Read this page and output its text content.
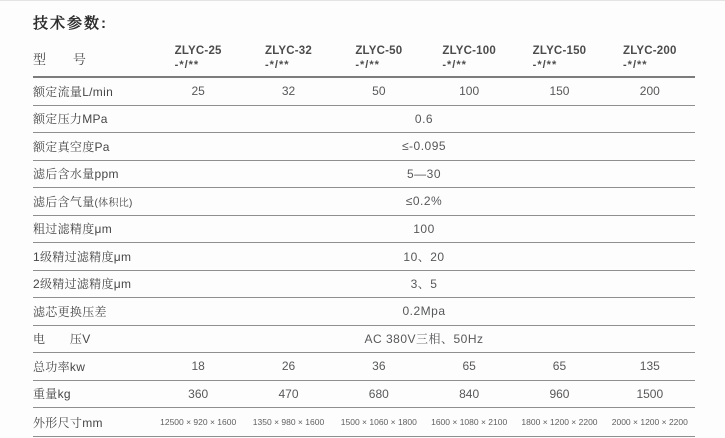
技术参数:
型　　号
ZLYC-25
-*/**
ZLYC-32
-*/**
ZLYC-50
-*/**
ZLYC-100
-*/**
ZLYC-150
-*/**
ZLYC-200
-*/**
额定流量L/min	25	32	50	100	150	200
额定压力MPa	0.6
额定真空度Pa	≤-0.095
滤后含水量ppm	5—30
滤后含气量(体积比)	≤0.2%
粗过滤精度μm	100
1级精过滤精度μm	10、20
2级精过滤精度μm	3、5
滤芯更换压差	0.2Mpa
电　　压V	AC 380V三相、50Hz
总功率kw	18	26	36	65	65	135
重量kg	360	470	680	840	960	1500
外形尺寸mm	12500 × 920 × 1600	1350 × 980 × 1600	1500 × 1060 × 1800	1600 × 1080 × 2100	1800 × 1200 × 2200	2000 × 1200 × 2200
